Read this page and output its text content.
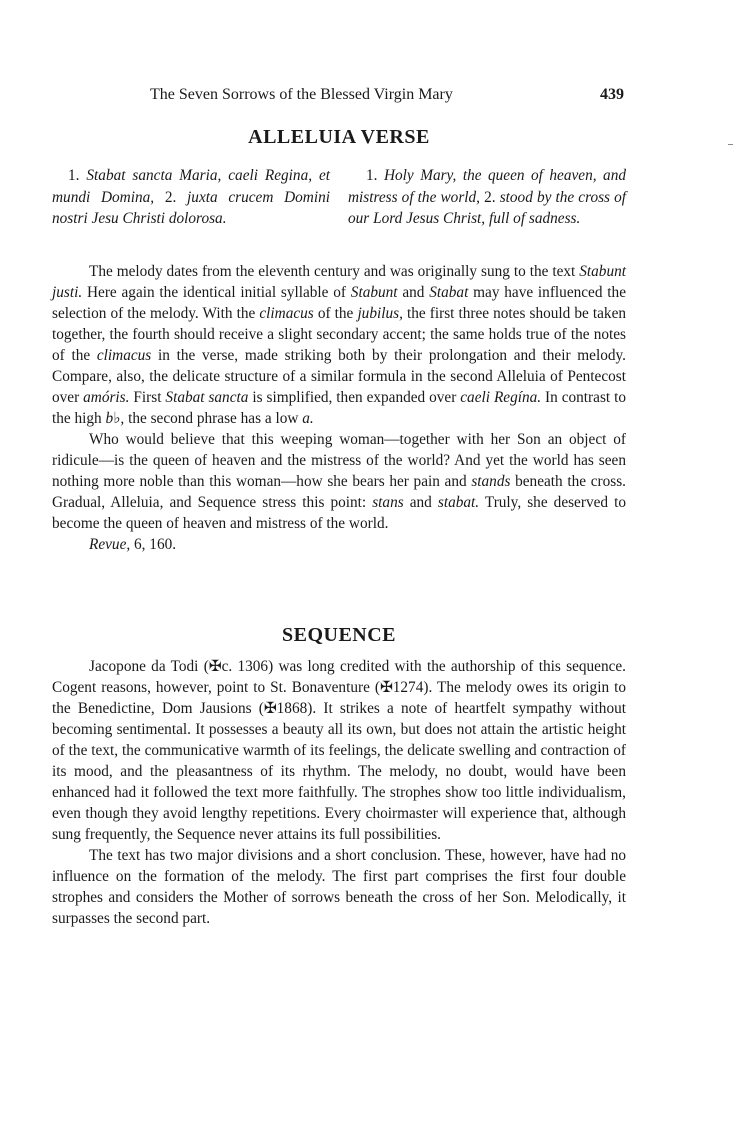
The Seven Sorrows of the Blessed Virgin Mary	439
ALLELUIA VERSE
1. Stabat sancta Maria, caeli Regina, et mundi Domina, 2. juxta crucem Domini nostri Jesu Christi dolorosa.
1. Holy Mary, the queen of heaven, and mistress of the world, 2. stood by the cross of our Lord Jesus Christ, full of sadness.

The melody dates from the eleventh century and was originally sung to the text Stabunt justi. Here again the identical initial syllable of Stabunt and Stabat may have influenced the selection of the melody. With the climacus of the jubilus, the first three notes should be taken together, the fourth should receive a slight secondary accent; the same holds true of the notes of the climacus in the verse, made striking both by their prolongation and their melody. Compare, also, the delicate structure of a similar formula in the second Alleluia of Pentecost over amóris. First Stabat sancta is simplified, then expanded over caeli Regína. In contrast to the high b♭, the second phrase has a low a.

Who would believe that this weeping woman—together with her Son an object of ridicule—is the queen of heaven and the mistress of the world? And yet the world has seen nothing more noble than this woman—how she bears her pain and stands beneath the cross. Gradual, Alleluia, and Sequence stress this point: stans and stabat. Truly, she deserved to become the queen of heaven and mistress of the world.

Revue, 6, 160.

SEQUENCE

Jacopone da Todi (✠c. 1306) was long credited with the authorship of this sequence. Cogent reasons, however, point to St. Bonaventure (✠1274). The melody owes its origin to the Benedictine, Dom Jausions (✠1868). It strikes a note of heartfelt sympathy without becoming sentimental. It possesses a beauty all its own, but does not attain the artistic height of the text, the communicative warmth of its feelings, the delicate swelling and contraction of its mood, and the pleasantness of its rhythm. The melody, no doubt, would have been enhanced had it followed the text more faithfully. The strophes show too little individualism, even though they avoid lengthy repetitions. Every choirmaster will experience that, although sung frequently, the Sequence never attains its full possibilities.

The text has two major divisions and a short conclusion. These, however, have had no influence on the formation of the melody. The first part comprises the first four double strophes and considers the Mother of sorrows beneath the cross of her Son. Melodically, it surpasses the second part.
